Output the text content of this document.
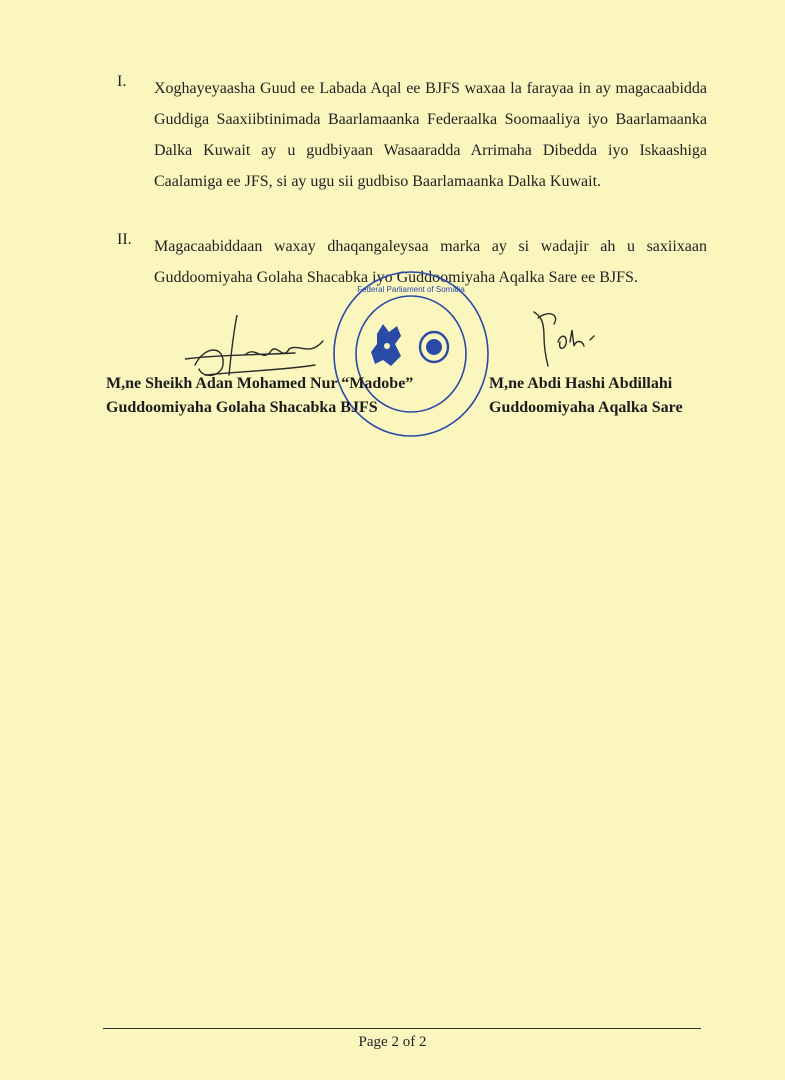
I. Xoghayeyaasha Guud ee Labada Aqal ee BJFS waxaa la farayaa in ay magacaabidda Guddiga Saaxiibtinimada Baarlamaanka Federaalka Soomaaliya iyo Baarlamaanka Dalka Kuwait ay u gudbiyaan Wasaaradda Arrimaha Dibedda iyo Iskaashiga Caalamiga ee JFS, si ay ugu sii gudbiso Baarlamaanka Dalka Kuwait.

II. Magacaabiddaan waxay dhaqangaleysaa marka ay si wadajir ah u saxiixaan Guddoomiyaha Golaha Shacabka iyo Guddoomiyaha Aqalka Sare ee BJFS.

Federal Parliament of Somalia
M,ne Sheikh Adan Mohamed Nur “Madobe”
Guddoomiyaha Golaha Shacabka BJFS
M,ne Abdi Hashi Abdillahi
Guddoomiyaha Aqalka Sare
Page 2 of 2
